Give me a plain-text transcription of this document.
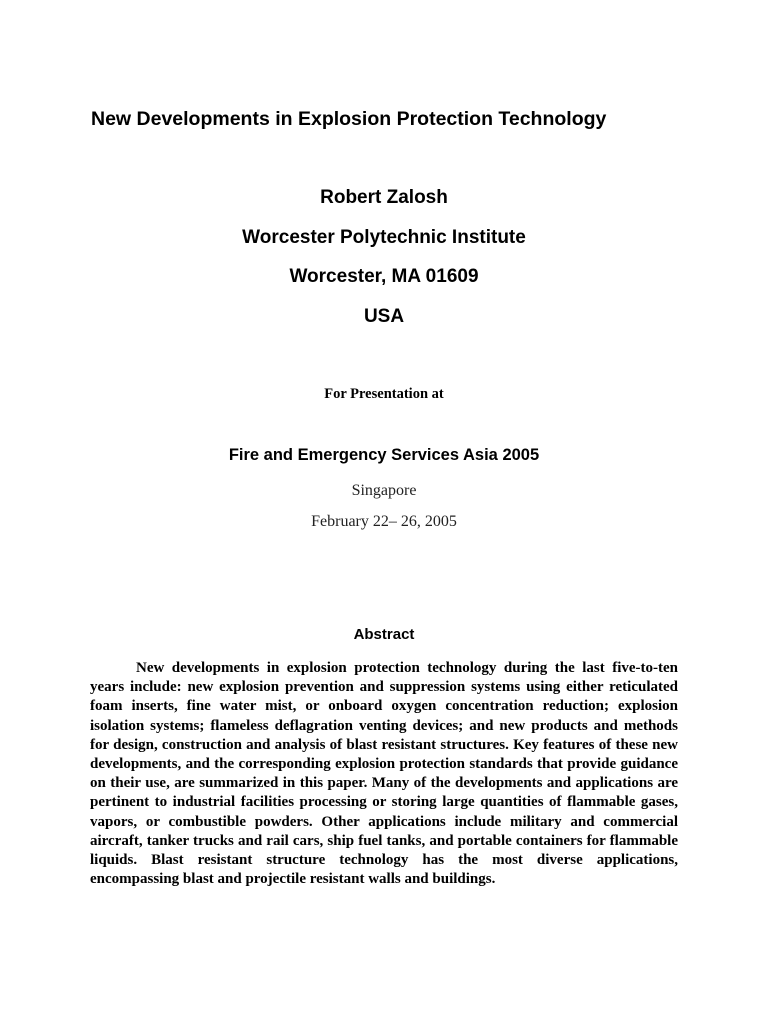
New Developments in Explosion Protection Technology
Robert Zalosh
Worcester Polytechnic Institute
Worcester, MA 01609
USA
For Presentation at
Fire and Emergency Services Asia 2005
Singapore
February 22– 26, 2005
Abstract

New developments in explosion protection technology during the last five-to-ten years include: new explosion prevention and suppression systems using either reticulated foam inserts, fine water mist, or onboard oxygen concentration reduction; explosion isolation systems; flameless deflagration venting devices; and new products and methods for design, construction and analysis of blast resistant structures. Key features of these new developments, and the corresponding explosion protection standards that provide guidance on their use, are summarized in this paper. Many of the developments and applications are pertinent to industrial facilities processing or storing large quantities of flammable gases, vapors, or combustible powders. Other applications include military and commercial aircraft, tanker trucks and rail cars, ship fuel tanks, and portable containers for flammable liquids. Blast resistant structure technology has the most diverse applications, encompassing blast and projectile resistant walls and buildings.
